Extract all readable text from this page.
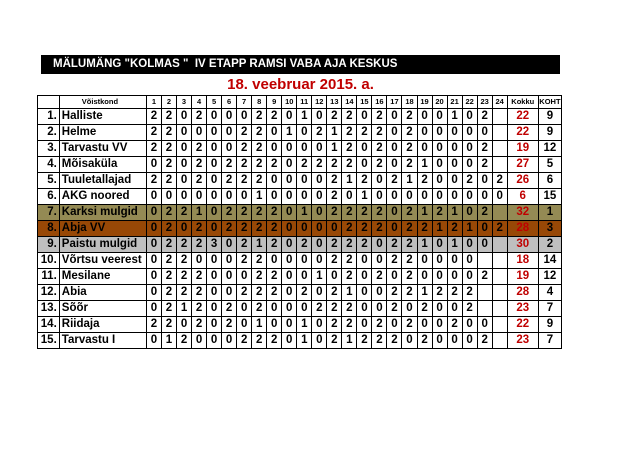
MÄLUMÄNG "KOLMAS "  IV ETAPP RAMSI VABA AJA KESKUS
18. veebruar 2015. a.
	Võistkond	1	2	3	4	5	6	7	8	9	10	11	12	13	14	15	16	17	18	19	20	21	22	23	24	Kokku	KOHT
1.	Halliste	2	2	0	2	0	0	0	2	2	0	1	0	2	2	0	2	0	2	0	0	1	0	2		22	9
2.	Helme	2	2	0	0	0	0	2	2	0	1	0	2	1	2	2	2	0	2	0	0	0	0	0		22	9
3.	Tarvastu VV	2	2	0	2	0	0	2	2	0	0	0	0	1	2	0	2	0	2	0	0	0	0	2		19	12
4.	Mõisaküla	0	2	0	2	0	2	2	2	2	0	2	2	2	2	0	2	0	2	1	0	0	0	2		27	5
5.	Tuuletallajad	2	2	0	2	0	2	2	2	0	0	0	0	2	1	2	0	2	1	2	0	0	2	0	2	26	6
6.	AKG noored	0	0	0	0	0	0	0	1	0	0	0	0	2	0	1	0	0	0	0	0	0	0	0	0	6	15
7.	Karksi mulgid	0	2	2	1	0	2	2	2	2	0	1	0	2	2	2	2	0	2	1	2	1	0	2		32	1
8.	Abja VV	0	2	0	2	0	2	2	2	2	0	0	0	0	2	2	2	0	2	2	1	2	1	0	2	28	3
9.	Paistu mulgid	0	2	2	2	3	0	2	1	2	0	2	0	2	2	2	0	2	2	1	0	1	0	0		30	2
10.	Võrtsu veerest	0	2	2	0	0	0	2	2	0	0	0	0	2	2	0	0	2	2	0	0	0	0			18	14
11.	Mesilane	0	2	2	2	0	0	0	2	2	0	0	1	0	2	0	2	0	2	0	0	0	0	2		19	12
12.	Abia	0	2	2	2	0	0	2	2	2	0	2	0	2	1	0	0	2	2	1	2	2	2			28	4
13.	Sõõr	0	2	1	2	0	2	0	2	0	0	0	2	2	2	0	0	2	0	2	0	0	2			23	7
14.	Riidaja	2	2	0	2	0	2	0	1	0	0	1	0	2	2	0	2	0	2	0	0	2	0	0		22	9
15.	Tarvastu I	0	1	2	0	0	0	2	2	2	0	1	0	2	1	2	2	2	0	2	0	0	0	2		23	7
